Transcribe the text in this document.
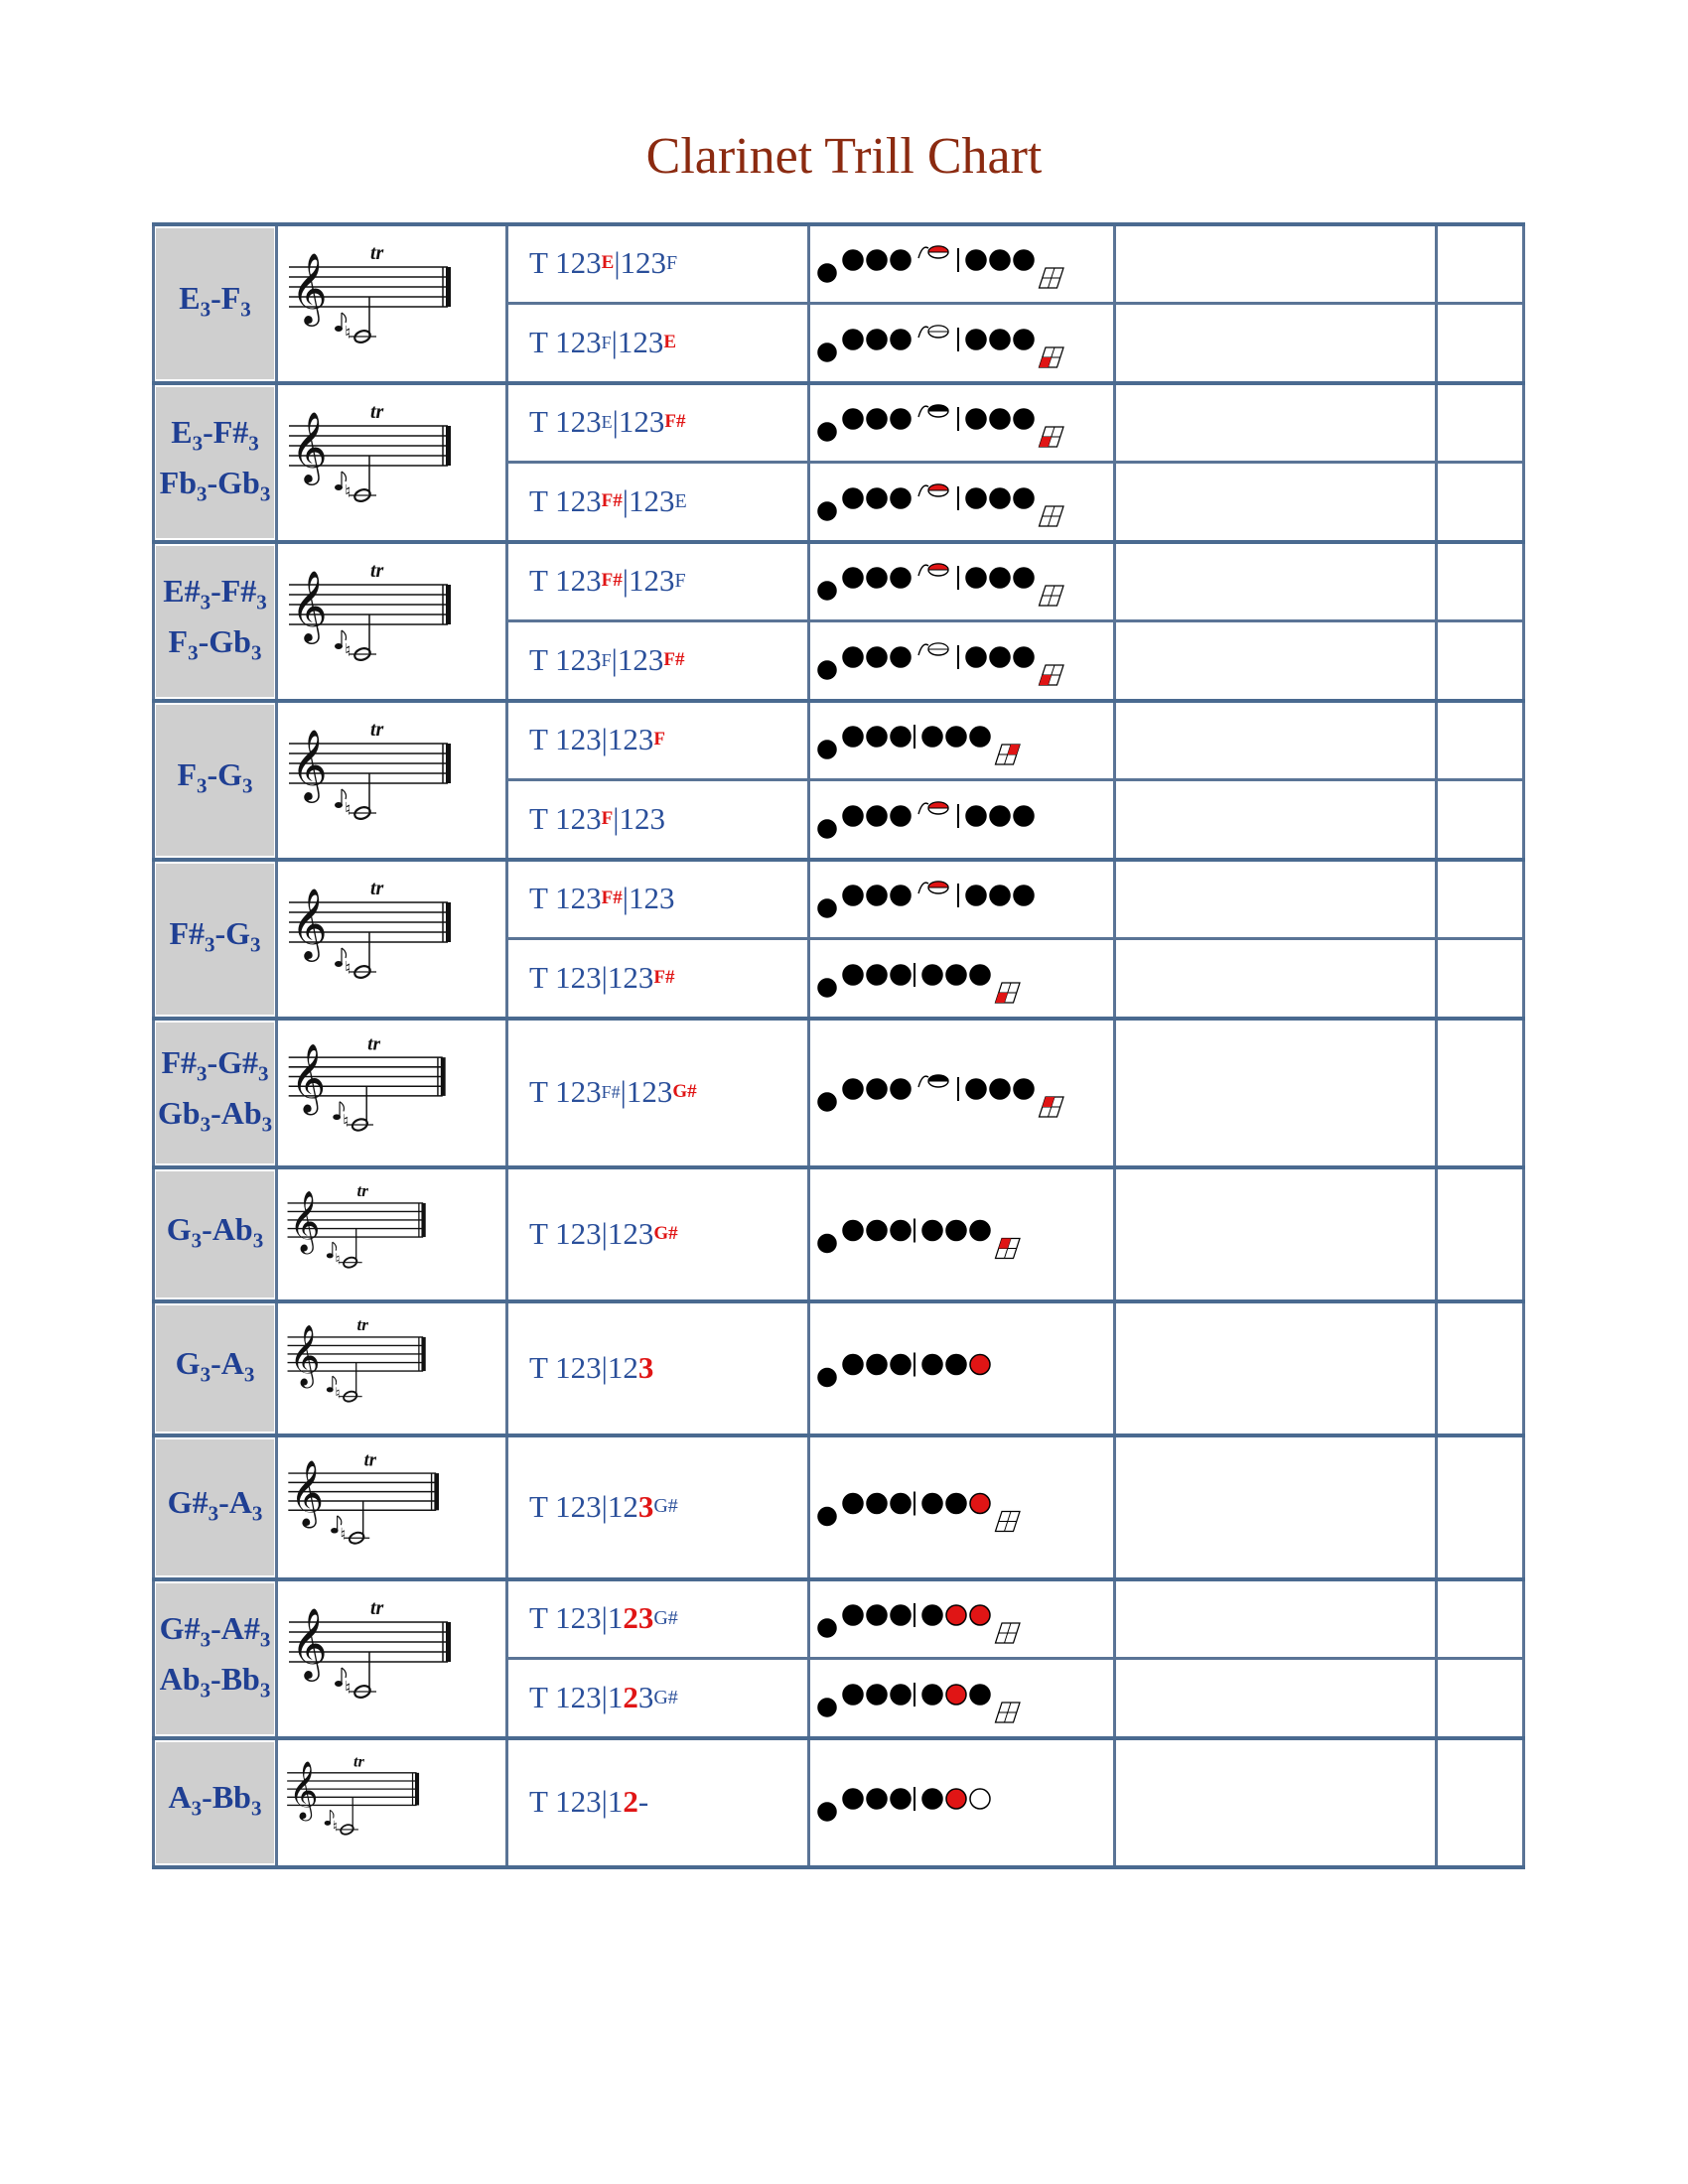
Clarinet Trill Chart
$E_3-F_3$ 𝄞 tr
♮
T 123 E |123 F
T 123 F |123 E
$E_3-F\#_3$
$Fb_3-Gb_3$
𝄞 tr
♮
T 123 E |123 F#
T 123 F# |123 E
$E\#_3-F\#_3$
$F_3-Gb_3$
𝄞 tr
♮
T 123 F# |123 F
T 123 F |123 F#
$F_3-G_3$ 𝄞 tr
♮
T 123|123 F
T 123 F |123
$F\#_3-G_3$ 𝄞 tr
♮
T 123 F# |123
T 123|123 F#
$F\#_3-G\#_3$
$Gb_3-Ab_3$
𝄞 tr
♮
T 123 F# |123 G#
$G_3-Ab_3$ 𝄞
tr
♮
T 123|123 G#
$G_3-A_3$ 𝄞
tr
♮
T 123|12 3
$G\#_3-A_3$ 𝄞 tr
♮
T 123|12 3 G#
$G\#_3-A\#_3$
$Ab_3-Bb_3$
𝄞 tr
♮
T 123|1 23 G#
T 123|1 2 3 G#
$A_3-Bb_3$ 𝄞 tr
♮
T 123|1 2 -
